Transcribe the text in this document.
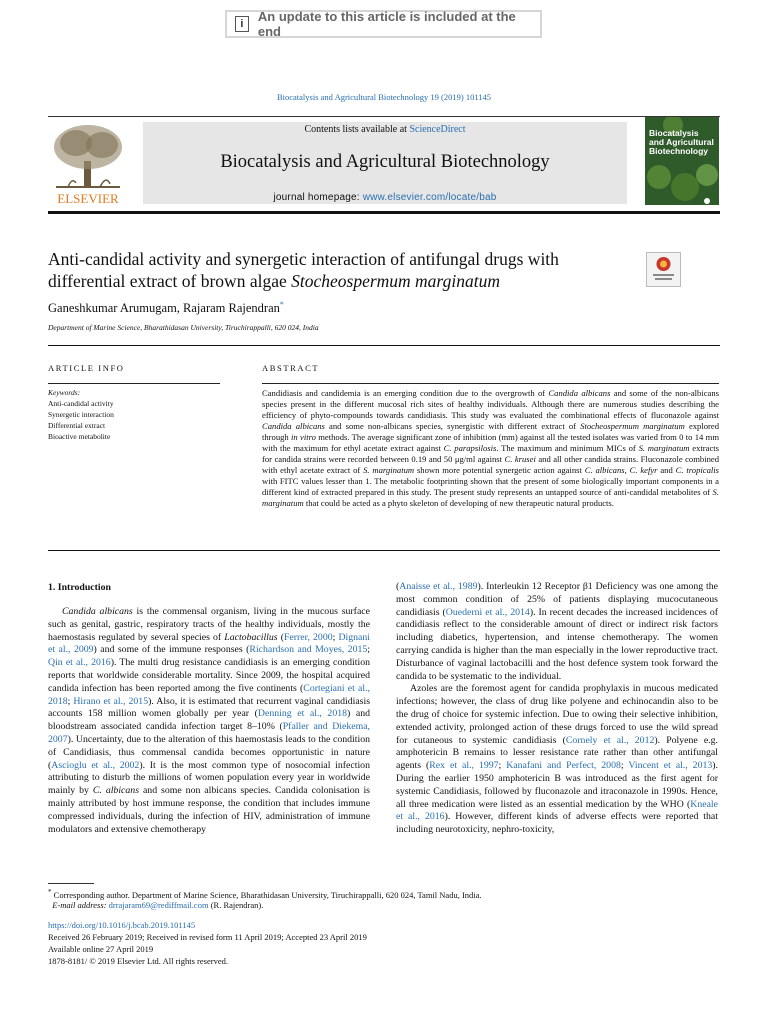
i	An update to this article is included at the end
Biocatalysis and Agricultural Biotechnology 19 (2019) 101145
ELSEVIER
Contents lists available at ScienceDirect
Biocatalysis and Agricultural Biotechnology
journal homepage: www.elsevier.com/locate/bab
Biocatalysis and Agricultural Biotechnology
Anti-candidal activity and synergetic interaction of antifungal drugs with
differential extract of brown algae Stocheospermum marginatum
Ganeshkumar Arumugam, Rajaram Rajendran*
Department of Marine Science, Bharathidasan University, Tiruchirappalli, 620 024, India
ARTICLE INFO
Keywords:
Anti-candidal activity
Synergetic interaction
Differential extract
Bioactive metabolite
ABSTRACT
Candidiasis and candidemia is an emerging condition due to the overgrowth of Candida albicans and some of the non-albicans species present in the different mucosal rich sites of healthy individuals. Although there are numerous studies describing the efficiency of phyto-compounds towards candidiasis. This study was evaluated the combinational effects of fluconazole against Candida albicans and some non-albicans species, synergistic with different extract of Stocheospermum marginatum explored through in vitro methods. The average significant zone of inhibition (mm) against all the tested isolates was varied from 0 to 14 mm with the maximum for ethyl acetate extract against C. parapsilosis. The maximum and minimum MICs of S. marginatum extracts for candida strains were recorded between 0.19 and 50 μg/ml against C. krusei and all other candida strains. Fluconazole combined with ethyl acetate extract of S. marginatum shown more potential synergetic action against C. albicans, C. kefyr and C. tropicalis with FITC values lesser than 1. The metabolic footprinting shown that the present of some biologically important components in a different kind of extracted prepared in this study. The present study represents an untapped source of anti-candidal metabolites of S. marginatum that could be acted as a phyto skeleton of developing of new therapeutic natural products.
1. Introduction

Candida albicans is the commensal organism, living in the mucous surface such as genital, gastric, respiratory tracts of the healthy individuals, mostly the haemostasis regulated by several species of Lactobacillus (Ferrer, 2000; Dignani et al., 2009) and some of the immune responses (Richardson and Moyes, 2015; Qin et al., 2016). The multi drug resistance candidiasis is an emerging condition reports that worldwide considerable mortality. Since 2009, the hospital acquired candida infection has been reported among the five continents (Cortegiani et al., 2018; Hirano et al., 2015). Also, it is estimated that recurrent vaginal candidiasis accounts 158 million women globally per year (Denning et al., 2018) and bloodstream associated candida infection target 8–10% (Pfaller and Diekema, 2007). Uncertainty, due to the alteration of this haemostasis leads to the condition of Candidiasis, thus commensal candida becomes opportunistic in nature (Ascioglu et al., 2002). It is the most common type of nosocomial infection attributing to disturb the millions of women population every year in worldwide mainly by C. albicans and some non albicans species. Candida colonisation is mainly attributed by host immune response, the condition that includes immune compressed individuals, during the infection of HIV, administration of immune modulators and extensive chemotherapy

(Anaisse et al., 1989). Interleukin 12 Receptor β1 Deficiency was one among the most common condition of 25% of patients displaying mucocutaneous candidiasis (Ouederni et al., 2014). In recent decades the increased incidences of candidiasis reflect to the considerable amount of direct or indirect risk factors including diabetics, hypertension, and intense chemotherapy. The women carrying candida is higher than the man especially in the lower reproductive tract. Disturbance of vaginal lactobacilli and the host defence system took forward the candida to be systematic to the individual.

Azoles are the foremost agent for candida prophylaxis in mucous medicated infections; however, the class of drug like polyene and echinocandin also to be the drug of choice for systemic infection. Due to owing their selective inhibition, extended activity, prolonged action of these drugs forced to use the wild spread for cutaneous to systemic candidiasis (Cornely et al., 2012). Polyene e.g. amphotericin B remains to lesser resistance rate rather than other antifungal agents (Rex et al., 1997; Kanafani and Perfect, 2008; Vincent et al., 2013). During the earlier 1950 amphotericin B was introduced as the first agent for systemic Candidiasis, followed by fluconazole and itraconazole in 1990s. Hence, all three medication were listed as an essential medication by the WHO (Kneale et al., 2016). However, different kinds of adverse effects were reported that including neurotoxicity, nephro-toxicity,

* Corresponding author. Department of Marine Science, Bharathidasan University, Tiruchirappalli, 620 024, Tamil Nadu, India.
E-mail address: drrajaram69@rediffmail.com (R. Rajendran).
https://doi.org/10.1016/j.bcab.2019.101145
Received 26 February 2019; Received in revised form 11 April 2019; Accepted 23 April 2019
Available online 27 April 2019
1878-8181/ © 2019 Elsevier Ltd. All rights reserved.
